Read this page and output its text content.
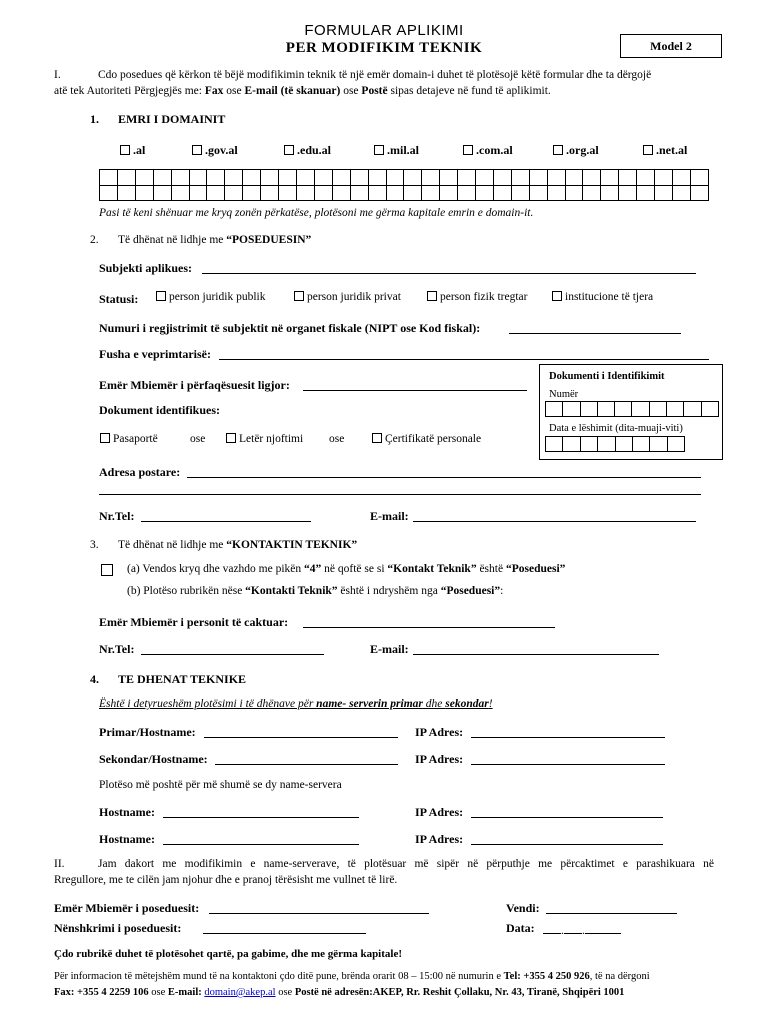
FORMULAR APLIKIMI
PER MODIFIKIM TEKNIK	Model 2
I.	Cdo posedues që kërkon të bëjë modifikimin teknik të një emër domain-i duhet të plotësojë këtë formular dhe ta dërgojë
atë tek Autoriteti Përgjegjës me: Fax ose E-mail (të skanuar) ose Postë sipas detajeve në fund të aplikimit.
1. EMRI I DOMAINIT
.al	.gov.al	.edu.al	.mil.al	.com.al	.org.al	.net.al

Pasi të keni shënuar me kryq zonën përkatëse, plotësoni me gërma kapitale emrin e domain-it.
2. Të dhënat në lidhje me “POSEDUESIN”
Subjekti aplikues:
Statusi:	person juridik publik	person juridik privat	person fizik tregtar	institucione të tjera
Numuri i regjistrimit të subjektit në organet fiskale (NIPT ose Kod fiskal):
Fusha e veprimtarisë:
Emër Mbiemër i përfaqësuesit ligjor:
Dokument identifikues:
Pasaportë	ose	Letër njoftimi ose	Çertifikatë personale
Dokumenti i Identifikimit
Numër

Data e lëshimit (dita-muaji-viti)

Adresa postare:
Nr.Tel:	E-mail:
3. Të dhënat në lidhje me “KONTAKTIN TEKNIK”
(a) Vendos kryq dhe vazhdo me pikën “4” në qoftë se si “Kontakt Teknik” është “Poseduesi”
(b) Plotëso rubrikën nëse “Kontakti Teknik” është i ndryshëm nga “Poseduesi”:
Emër Mbiemër i personit të caktuar:
Nr.Tel:	E-mail:
4. TE DHENAT TEKNIKE
Është i detyrueshëm plotësimi i të dhënave për name- serverin primar dhe sekondar!
Primar/Hostname:	IP Adres:
Sekondar/Hostname:	IP Adres:
Plotëso më poshtë për më shumë se dy name-servera
Hostname:	IP Adres:
Hostname:	IP Adres:
II.	Jam dakort me modifikimin e name-serverave, të plotësuar më sipër në përputhje me përcaktimet e parashikuara në
Rregullore, me te cilën jam njohur dhe e pranoj tërësisht me vullnet të lirë.
Emër Mbiemër i poseduesit:	Vendi:
Nënshkrimi i poseduesit:	Data:	. .
Çdo rubrikë duhet të plotësohet qartë, pa gabime, dhe me gërma kapitale!
Për informacion të mëtejshëm mund të na kontaktoni çdo ditë pune, brënda orarit 08 – 15:00 në numurin e Tel: +355 4 250 926, të na dërgoni
Fax: +355 4 2259 106 ose E-mail: domain@akep.al ose Postë në adresën:AKEP, Rr. Reshit Çollaku, Nr. 43, Tiranë, Shqipëri 1001
